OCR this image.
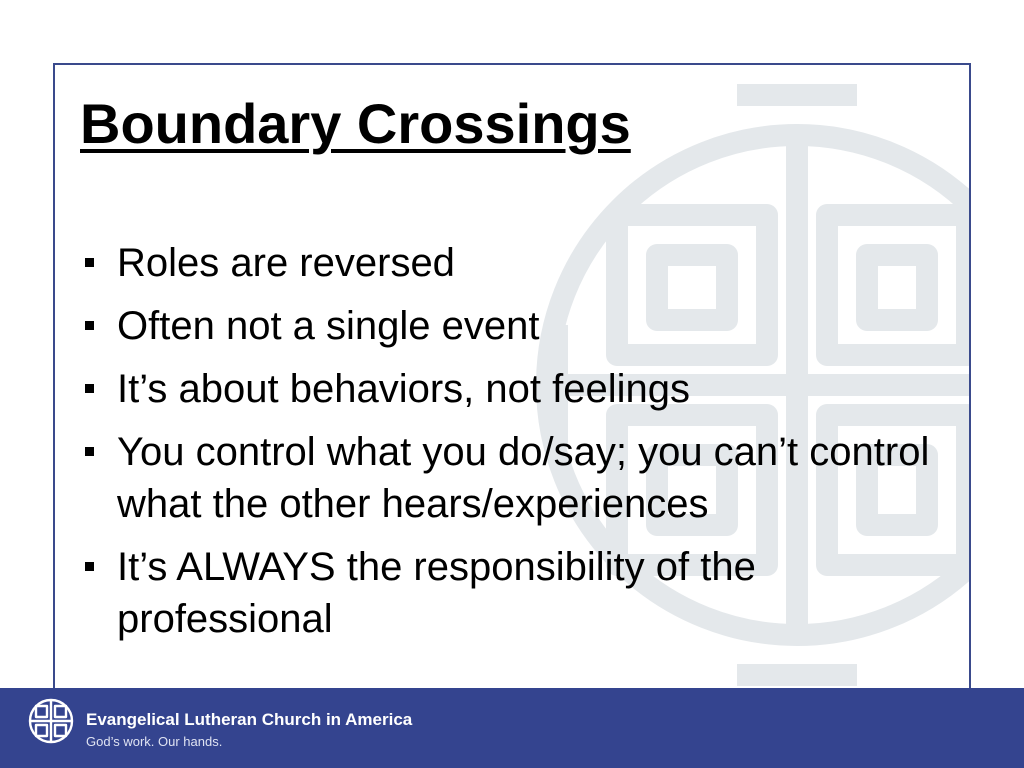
Boundary Crossings
Roles are reversed
Often not a single event
It’s about behaviors, not feelings
You control what you do/say; you can’t control what the other hears/experiences
It’s ALWAYS the responsibility of the professional

Evangelical Lutheran Church in America

God’s work. Our hands.
